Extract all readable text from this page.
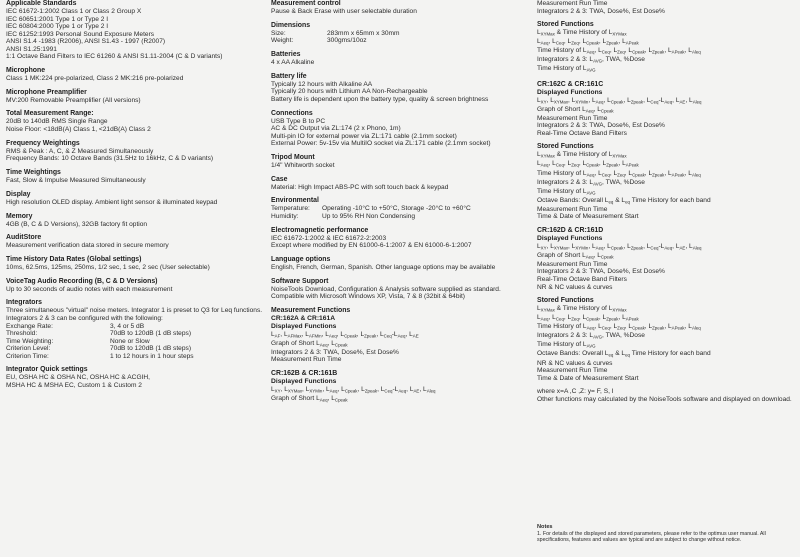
Applicable Standards

IEC 61672-1:2002 Class 1 or Class 2 Group X

IEC 60651:2001 Type 1 or Type 2 I

IEC 60804:2000 Type 1 or Type 2 I

IEC 61252:1993 Personal Sound Exposure Meters

ANSI S1.4 -1983 (R2006), ANSI S1.43 - 1997 (R2007)

ANSI S1.25:1991

1:1 Octave Band Filters to IEC 61260 & ANSI S1.11-2004 (C & D variants)

Microphone

Class 1 MK:224 pre-polarized, Class 2 MK:216 pre-polarized

Microphone Preamplifier

MV:200 Removable Preamplifier (All versions)

Total Measurement Range:

20dB to 140dB RMS Single Range

Noise Floor: <18dB(A) Class 1, <21dB(A) Class 2

Frequency Weightings

RMS & Peak : A, C, & Z Measured Simultaneously

Frequency Bands: 10 Octave Bands (31.5Hz to 16kHz, C & D variants)

Time Weightings

Fast, Slow & Impulse Measured Simultaneously

Display

High resolution OLED display. Ambient light sensor & illuminated keypad

Memory

4GB (B, C & D Versions), 32GB factory fit option

AuditStore

Measurement verification data stored in secure memory

Time History Data Rates (Global settings)

10ms, 62.5ms, 125ms, 250ms, 1/2 sec, 1 sec, 2 sec (User selectable)

VoiceTag Audio Recording (B, C & D Versions)

Up to 30 seconds of audio notes with each measurement

Integrators

Three simultaneous "virtual" noise meters. Integrator 1 is preset to Q3 for Leq functions. Integrators 2 & 3 can be configured with the following:

Exchange Rate:	3, 4 or 5 dB
Threshold:	70dB to 120dB (1 dB steps)
Time Weighting:	None or Slow
Criterion Level:	70dB to 120dB (1 dB steps)
Criterion Time:	1 to 12 hours in 1 hour steps
Integrator Quick settings

EU, OSHA HC & OSHA NC, OSHA HC & ACGIH,

MSHA HC & MSHA EC, Custom 1 & Custom 2

Measurement control

Pause & Back Erase with user selectable duration

Dimensions
Size:	283mm x 65mm x 30mm
Weight:	300gms/10oz
Batteries

4 x AA Alkaline

Battery life

Typically 12 hours with Alkaline AA

Typically 20 hours with Lithium AA Non-Rechargeable

Battery life is dependent upon the battery type, quality & screen brightness

Connections

USB Type B to PC

AC & DC Output via ZL:174 (2 x Phono, 1m)

Multi-pin IO for external power via ZL:171 cable (2.1mm socket)

External Power: 5v-15v via MultiIO socket via ZL:171 cable (2.1mm socket)

Tripod Mount

1/4" Whitworth socket

Case

Material: High Impact ABS-PC with soft touch back & keypad

Environmental
Temperature:	Operating -10°C to +50°C, Storage -20°C to +60°C
Humidity:	Up to 95% RH Non Condensing
Electromagnetic performance

IEC 61672-1:2002 & IEC 61672-2:2003

Except where modified by EN 61000-6-1:2007 & EN 61000-6-1:2007

Language options

English, French, German, Spanish. Other language options may be available

Software Support

NoiseTools Download, Configuration & Analysis software supplied as standard. Compatible with Microsoft Windows XP, Vista, 7 & 8 (32bit & 64bit)

Measurement Functions
CR:162A & CR:161A
Displayed Functions

$L_{AF}$, $L_{AFMax}$, $L_{AFMin}$, $L_{Aeq}$, $L_{Cpeak}$, $L_{Zpeak}$, $L_{Ceq}-L_{Aeq}$, $L_{AE}$

Graph of Short $L_{Aeq}$, $L_{Cpeak}$

Integrators 2 & 3: TWA, Dose%, Est Dose%

Measurement Run Time

CR:162B & CR:161B
Displayed Functions

$L_{XY}$, $L_{XYMax}$, $L_{XYMin}$, $L_{Aeq}$, $L_{Cpeak}$, $L_{Zpeak}$, $L_{Ceq}-L_{Aeq}$, $L_{AE}$, $L_{Aleq}$

Graph of Short $L_{Aeq}$, $L_{Cpeak}$

Measurement Run Time

Integrators 2 & 3: TWA, Dose%, Est Dose%

Stored Functions

$L_{XYMax}$ & Time History of $L_{XYMax}$

$L_{Aeq}$, $L_{Ceq}$, $L_{Zeq}$, $L_{Cpeak}$, $L_{Zpeak}$, $L_{APeak}$

Time History of $L_{Aeq}$, $L_{Ceq}$, $L_{Zeq}$, $L_{Cpeak}$, $L_{Zpeak}$, $L_{APeak}$, $L_{Aleq}$

Integrators 2 & 3: $L_{AVG}$, TWA, %Dose

Time History of $L_{AVG}$

CR:162C & CR:161C
Displayed Functions

$L_{XY}$, $L_{XYMax}$, $L_{XYMin}$, $L_{Aeq}$, $L_{Cpeak}$, $L_{Zpeak}$, $L_{Ceq}-L_{Aeq}$, $L_{AE}$, $L_{Aleq}$

Graph of Short $L_{Aeq}$, $L_{Cpeak}$

Measurement Run Time

Integrators 2 & 3: TWA, Dose%, Est Dose%

Real-Time Octave Band Filters

Stored Functions

$L_{XYMax}$ & Time History of $L_{XYMax}$

$L_{Aeq}$, $L_{Ceq}$, $L_{Zeq}$, $L_{Cpeak}$, $L_{Zpeak}$, $L_{APeak}$

Time History of $L_{Aeq}$, $L_{Ceq}$, $L_{Zeq}$, $L_{Cpeak}$, $L_{Zpeak}$, $L_{APeak}$, $L_{Aleq}$

Integrators 2 & 3: $L_{AVG}$, TWA, %Dose

Time History of $L_{AVG}$

Octave Bands: Overall $L_{eq}$ & $L_{eq}$ Time History for each band

Measurement Run Time

Time & Date of Measurement Start

CR:162D & CR:161D
Displayed Functions

$L_{XY}$, $L_{XYMax}$, $L_{XYMin}$, $L_{Aeq}$, $L_{Cpeak}$, $L_{Zpeak}$, $L_{Ceq}-L_{Aeq}$, $L_{AE}$, $L_{Aleq}$

Graph of Short $L_{Aeq}$, $L_{Cpeak}$

Measurement Run Time

Integrators 2 & 3: TWA, Dose%, Est Dose%

Real-Time Octave Band Filters

NR & NC values & curves

Stored Functions

$L_{XYMax}$ & Time History of $L_{XYMax}$

$L_{Aeq}$, $L_{Ceq}$, $L_{Zeq}$, $L_{Cpeak}$, $L_{Zpeak}$, $L_{APeak}$

Time History of $L_{Aeq}$, $L_{Ceq}$, $L_{Zeq}$, $L_{Cpeak}$, $L_{Zpeak}$, $L_{APeak}$, $L_{Aleq}$

Integrators 2 & 3: $L_{AVG}$, TWA, %Dose

Time History of $L_{AVG}$

Octave Bands: Overall $L_{eq}$ & $L_{eq}$ Time History for each band

NR & NC values & curves

Measurement Run Time

Time & Date of Measurement Start

where x=A ,C ,Z: y= F, S, I

Other functions may calculated by the NoiseTools software and displayed on download.

Notes

1. For details of the displayed and stored parameters, please refer to the optimus user manual. All specifications, features and values are typical and are subject to change without notice.
